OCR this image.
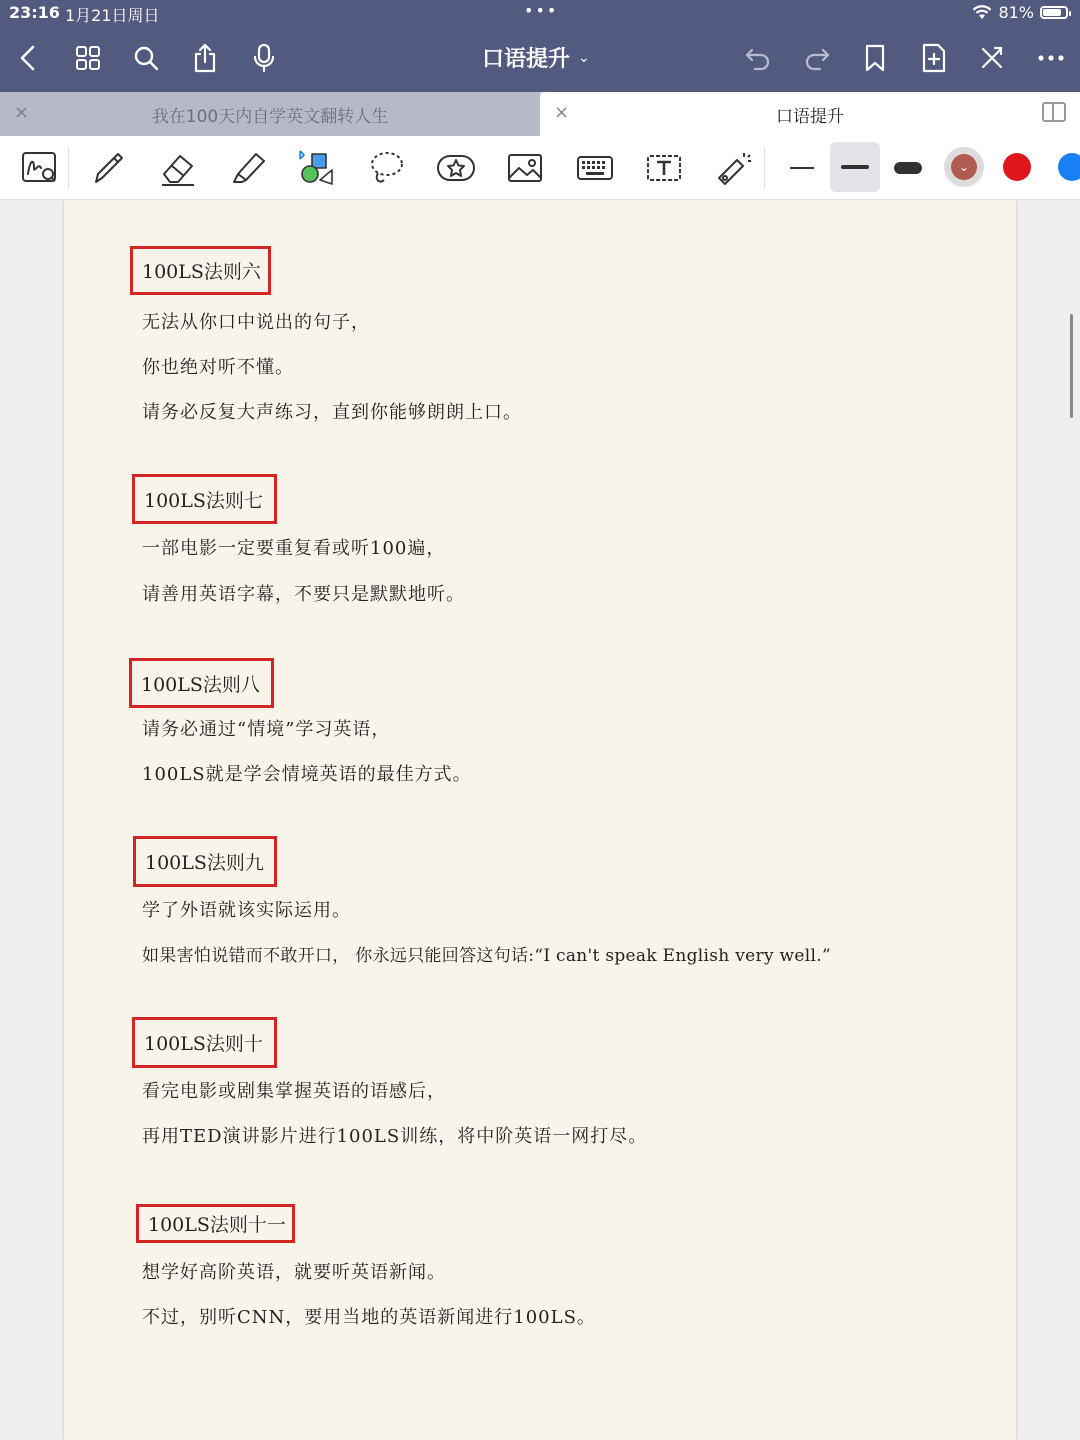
23:16 1月21日周日	•••	81%
口语提升 ⌄
×	我在100天内自学英文翻转人生	×	口语提升
⌄
100LS法则六
无法从你口中说出的句子，
你也绝对听不懂。
请务必反复大声练习，直到你能够朗朗上口。
100LS法则七
一部电影一定要重复看或听100遍，
请善用英语字幕，不要只是默默地听。
100LS法则八
请务必通过“情境”学习英语，
100LS就是学会情境英语的最佳方式。
100LS法则九
学了外语就该实际运用。
如果害怕说错而不敢开口， 你永远只能回答这句话:“I can't speak English very well.”
100LS法则十
看完电影或剧集掌握英语的语感后，
再用TED演讲影片进行100LS训练，将中阶英语一网打尽。
100LS法则十一
想学好高阶英语，就要听英语新闻。
不过，别听CNN，要用当地的英语新闻进行100LS。
